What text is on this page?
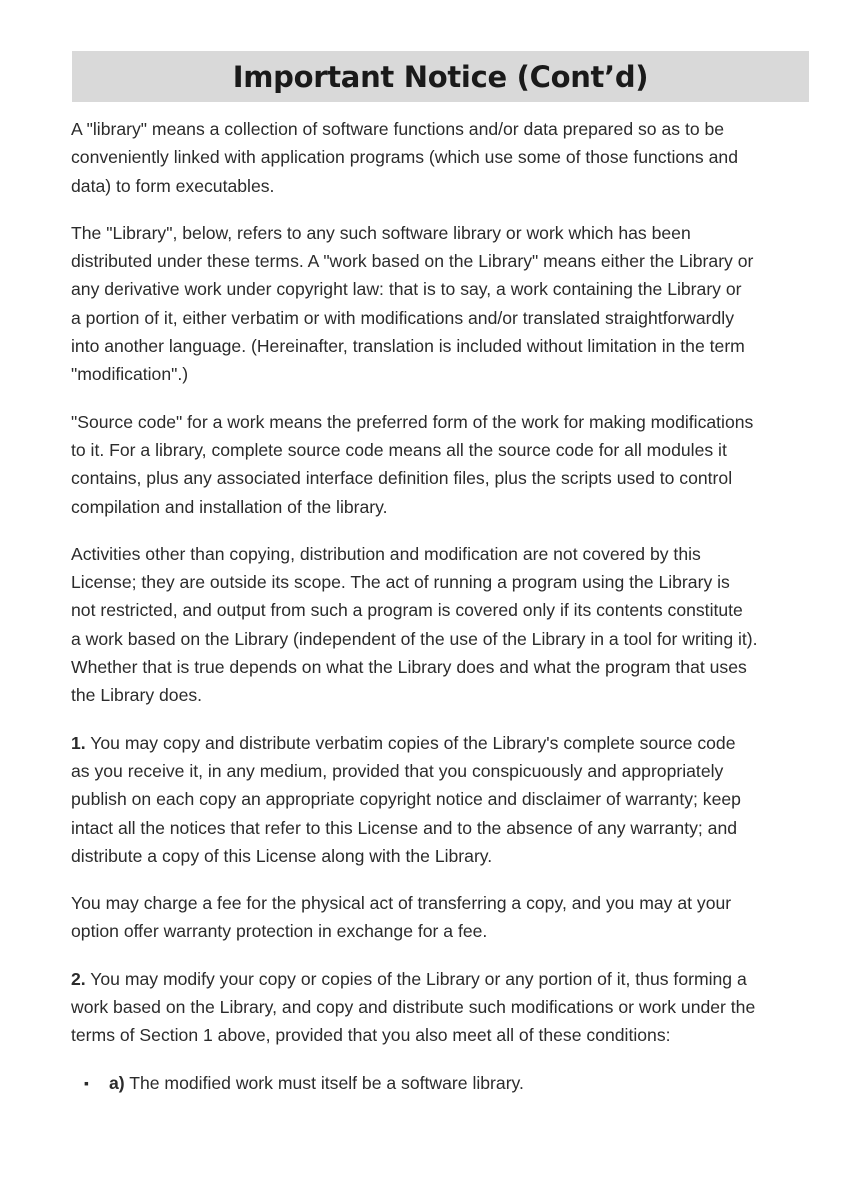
Important Notice (Cont’d)

A "library" means a collection of software functions and/or data prepared so as to be
conveniently linked with application programs (which use some of those functions and
data) to form executables.

The "Library", below, refers to any such software library or work which has been
distributed under these terms. A "work based on the Library" means either the Library or
any derivative work under copyright law: that is to say, a work containing the Library or
a portion of it, either verbatim or with modifications and/or translated straightforwardly
into another language. (Hereinafter, translation is included without limitation in the term
"modification".)

"Source code" for a work means the preferred form of the work for making modifications
to it. For a library, complete source code means all the source code for all modules it
contains, plus any associated interface definition files, plus the scripts used to control
compilation and installation of the library.

Activities other than copying, distribution and modification are not covered by this
License; they are outside its scope. The act of running a program using the Library is
not restricted, and output from such a program is covered only if its contents constitute
a work based on the Library (independent of the use of the Library in a tool for writing it).
Whether that is true depends on what the Library does and what the program that uses
the Library does.

1. You may copy and distribute verbatim copies of the Library's complete source code
as you receive it, in any medium, provided that you conspicuously and appropriately
publish on each copy an appropriate copyright notice and disclaimer of warranty; keep
intact all the notices that refer to this License and to the absence of any warranty; and
distribute a copy of this License along with the Library.

You may charge a fee for the physical act of transferring a copy, and you may at your
option offer warranty protection in exchange for a fee.

2. You may modify your copy or copies of the Library or any portion of it, thus forming a
work based on the Library, and copy and distribute such modifications or work under the
terms of Section 1 above, provided that you also meet all of these conditions:

▪ a) The modified work must itself be a software library.
